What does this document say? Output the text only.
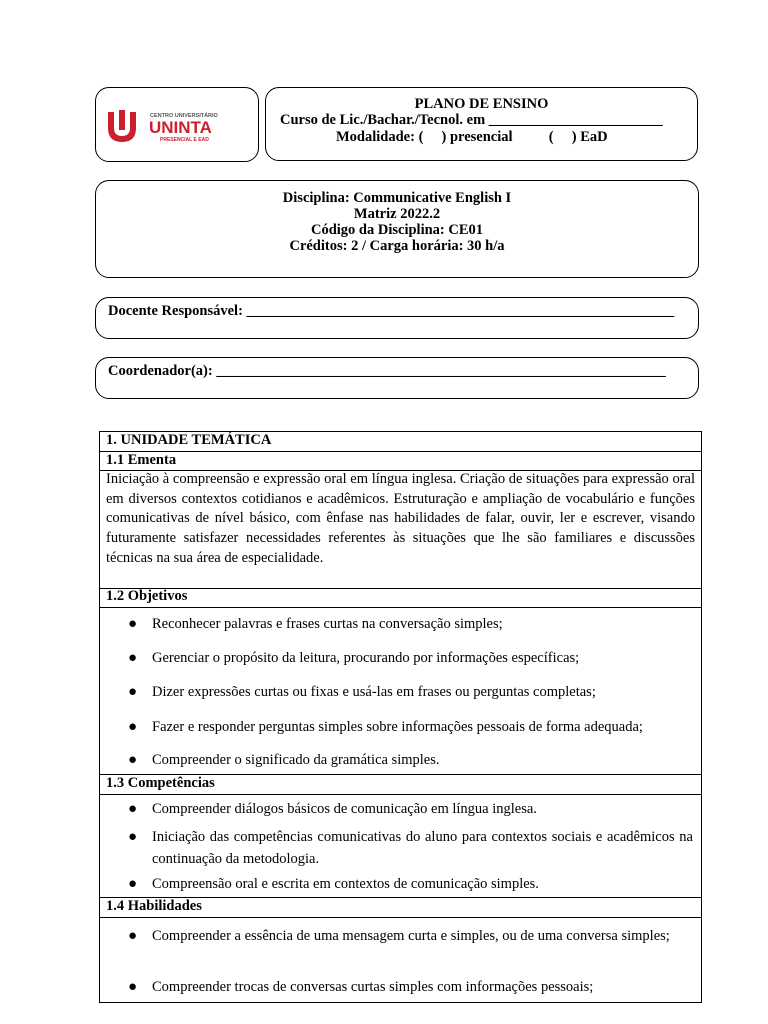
CENTRO UNIVERSITÁRIO
UNINTA
PRESENCIAL E EAD
PLANO DE ENSINO
Curso de Lic./Bachar./Tecnol. em ________________________
Modalidade: (     ) presencial          (     ) EaD
Disciplina: Communicative English I
Matriz 2022.2
Código da Disciplina: CE01
Créditos: 2 / Carga horária: 30 h/a
Docente Responsável: ___________________________________________________________
Coordenador(a): ______________________________________________________________
1. UNIDADE TEMÁTICA
1.1 Ementa
Iniciação à compreensão e expressão oral em língua inglesa. Criação de situações para expressão oral em diversos contextos cotidianos e acadêmicos. Estruturação e ampliação de vocabulário e funções comunicativas de nível básico, com ênfase nas habilidades de falar, ouvir, ler e escrever, visando futuramente satisfazer necessidades referentes às situações que lhe são familiares e discussões técnicas na sua área de especialidade.
1.2 Objetivos
● Reconhecer palavras e frases curtas na conversação simples;
● Gerenciar o propósito da leitura, procurando por informações específicas;
● Dizer expressões curtas ou fixas e usá-las em frases ou perguntas completas;
● Fazer e responder perguntas simples sobre informações pessoais de forma adequada;
● Compreender o significado da gramática simples.
1.3 Competências
● Compreender diálogos básicos de comunicação em língua inglesa.
● Iniciação das competências comunicativas do aluno para contextos sociais e acadêmicos na continuação da metodologia.
● Compreensão oral e escrita em contextos de comunicação simples.
1.4 Habilidades
● Compreender a essência de uma mensagem curta e simples, ou de uma conversa simples;
● Compreender trocas de conversas curtas simples com informações pessoais;
